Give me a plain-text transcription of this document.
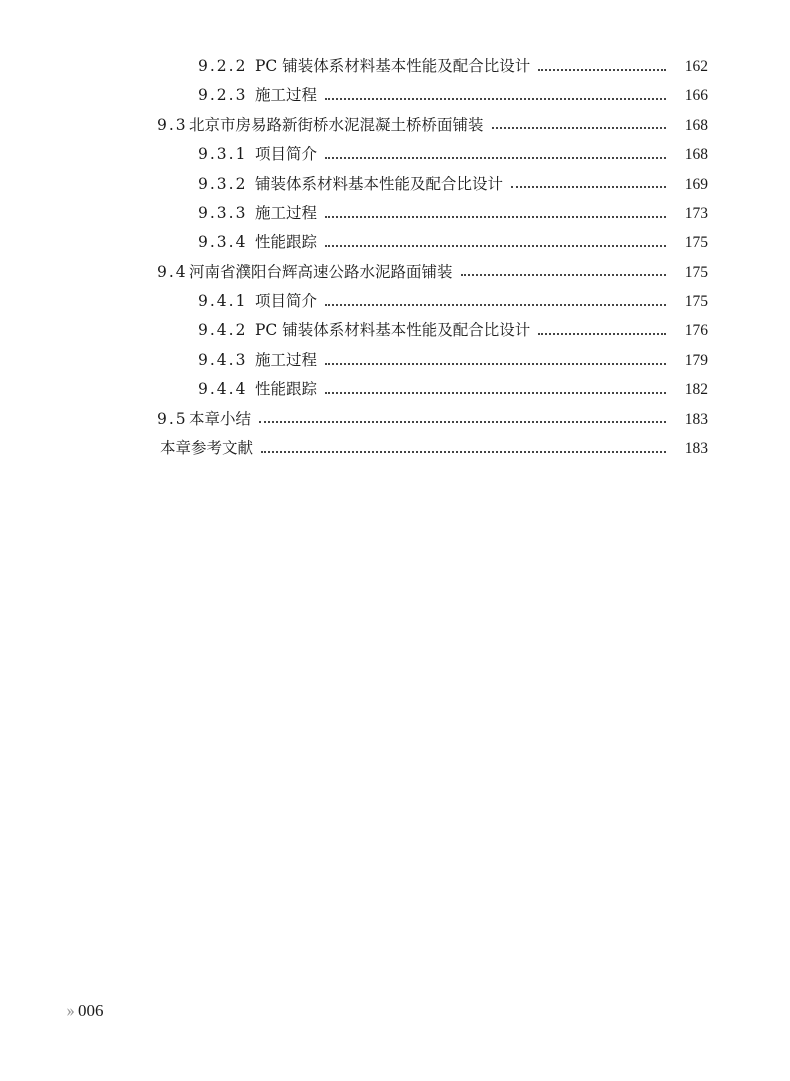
9.2.2 PC 铺装体系材料基本性能及配合比设计	162
9.2.3 施工过程	166
9.3 北京市房易路新街桥水泥混凝土桥桥面铺装	168
9.3.1 项目简介	168
9.3.2 铺装体系材料基本性能及配合比设计	169
9.3.3 施工过程	173
9.3.4 性能跟踪	175
9.4 河南省濮阳台辉高速公路水泥路面铺装	175
9.4.1 项目简介	175
9.4.2 PC 铺装体系材料基本性能及配合比设计	176
9.4.3 施工过程	179
9.4.4 性能跟踪	182
9.5 本章小结	183
本章参考文献	183
›› 006
